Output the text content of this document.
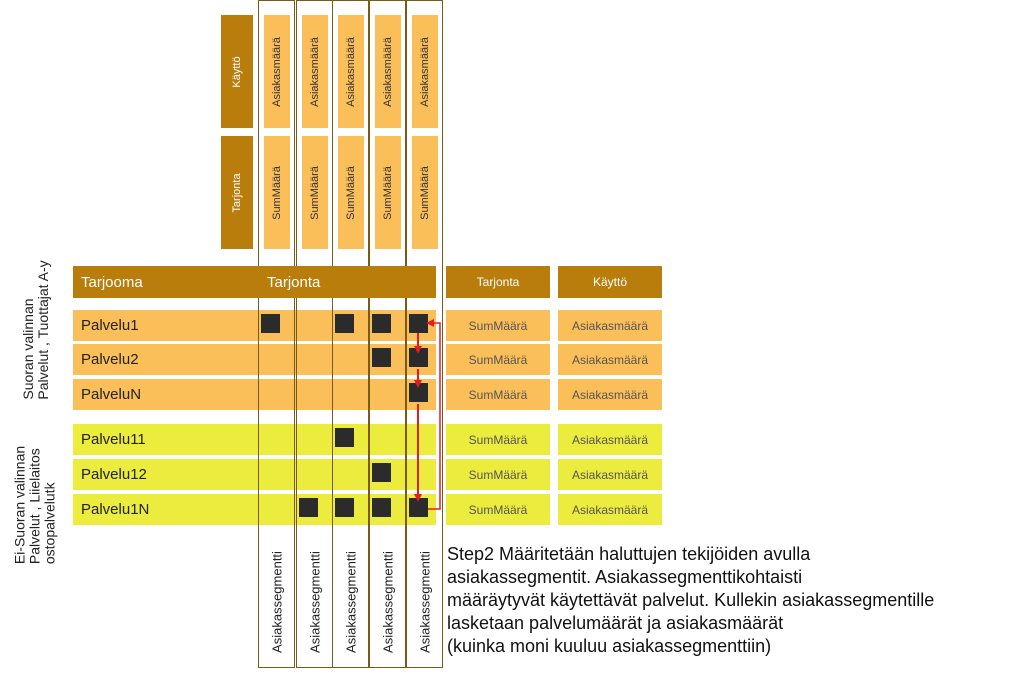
Käyttö
Tarjonta
Palvelu1	SumMäärä	Asiakasmäärä
Palvelu2	SumMäärä	Asiakasmäärä
PalveluN	SumMäärä	Asiakasmäärä
Palvelu11	SumMäärä	Asiakasmäärä
Palvelu12	SumMäärä	Asiakasmäärä
Palvelu1N	SumMäärä	Asiakasmäärä
Asiakasmäärä
SumMäärä
Asiakassegmentti
Asiakasmäärä
SumMäärä
Asiakassegmentti
Asiakasmäärä
SumMäärä
Asiakassegmentti
Asiakasmäärä
SumMäärä
Asiakassegmentti
Asiakasmäärä
SumMäärä
Asiakassegmentti
Tarjooma	Tarjonta	Tarjonta	Käyttö
Suoran valinnan Palvelut , Tuottajat A-y
Ei-Suoran valinnan Palvelut , Liielaitos ostopalvelutk	Step2 Määritetään haluttujen tekijöiden avulla
asiakassegmentit. Asiakassegmenttikohtaisti
määräytyvät käytettävät palvelut. Kullekin asiakassegmentille
lasketaan palvelumäärät ja asiakasmäärät
(kuinka moni kuuluu asiakassegmenttiin)
